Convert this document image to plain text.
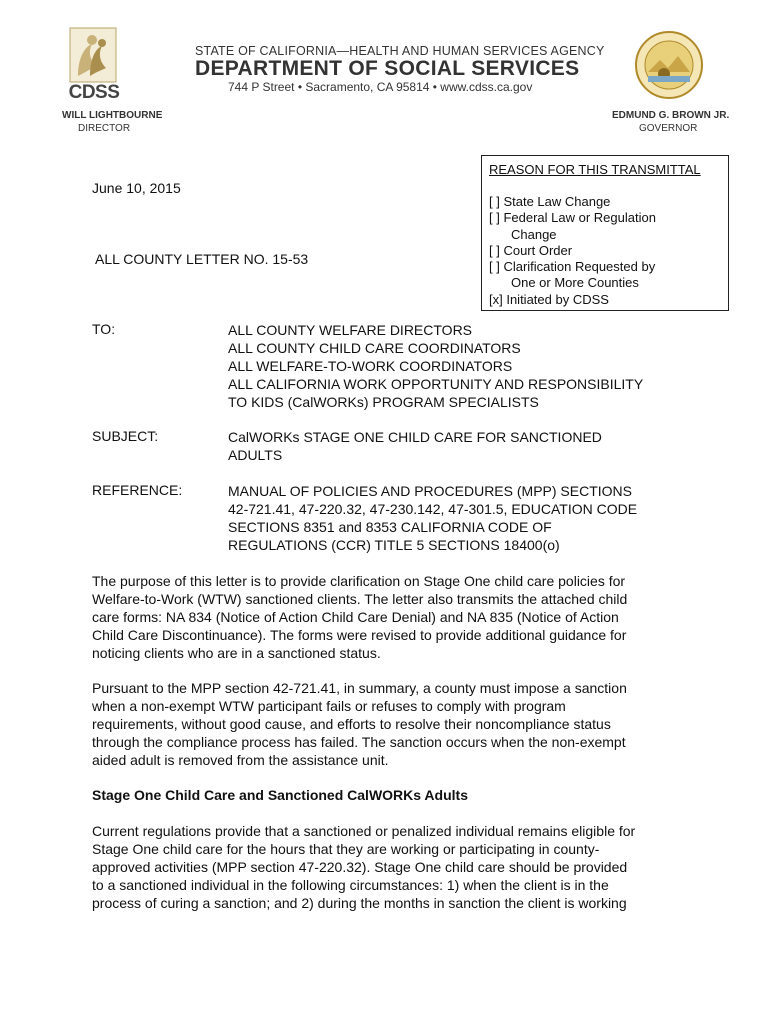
CDSS
WILL LIGHTBOURNE
DIRECTOR
STATE OF CALIFORNIA—HEALTH AND HUMAN SERVICES AGENCY
DEPARTMENT OF SOCIAL SERVICES
744 P Street • Sacramento, CA 95814 • www.cdss.ca.gov
EDMUND G. BROWN JR.
GOVERNOR
June 10, 2015
ALL COUNTY LETTER NO. 15-53
REASON FOR THIS TRANSMITTAL
[ ] State Law Change
[ ] Federal Law or Regulation
Change
[ ] Court Order
[ ] Clarification Requested by
One or More Counties
[x] Initiated by CDSS
TO:	ALL COUNTY WELFARE DIRECTORS
ALL COUNTY CHILD CARE COORDINATORS
ALL WELFARE-TO-WORK COORDINATORS
ALL CALIFORNIA WORK OPPORTUNITY AND RESPONSIBILITY
TO KIDS (CalWORKs) PROGRAM SPECIALISTS
SUBJECT:	CalWORKs STAGE ONE CHILD CARE FOR SANCTIONED
ADULTS
REFERENCE:	MANUAL OF POLICIES AND PROCEDURES (MPP) SECTIONS
42-721.41, 47-220.32, 47-230.142, 47-301.5, EDUCATION CODE
SECTIONS 8351 and 8353 CALIFORNIA CODE OF
REGULATIONS (CCR) TITLE 5 SECTIONS 18400(o)
The purpose of this letter is to provide clarification on Stage One child care policies for
Welfare-to-Work (WTW) sanctioned clients. The letter also transmits the attached child
care forms: NA 834 (Notice of Action Child Care Denial) and NA 835 (Notice of Action
Child Care Discontinuance). The forms were revised to provide additional guidance for
noticing clients who are in a sanctioned status.
Pursuant to the MPP section 42-721.41, in summary, a county must impose a sanction
when a non-exempt WTW participant fails or refuses to comply with program
requirements, without good cause, and efforts to resolve their noncompliance status
through the compliance process has failed. The sanction occurs when the non-exempt
aided adult is removed from the assistance unit.
Stage One Child Care and Sanctioned CalWORKs Adults
Current regulations provide that a sanctioned or penalized individual remains eligible for
Stage One child care for the hours that they are working or participating in county-
approved activities (MPP section 47-220.32). Stage One child care should be provided
to a sanctioned individual in the following circumstances: 1) when the client is in the
process of curing a sanction; and 2) during the months in sanction the client is working
